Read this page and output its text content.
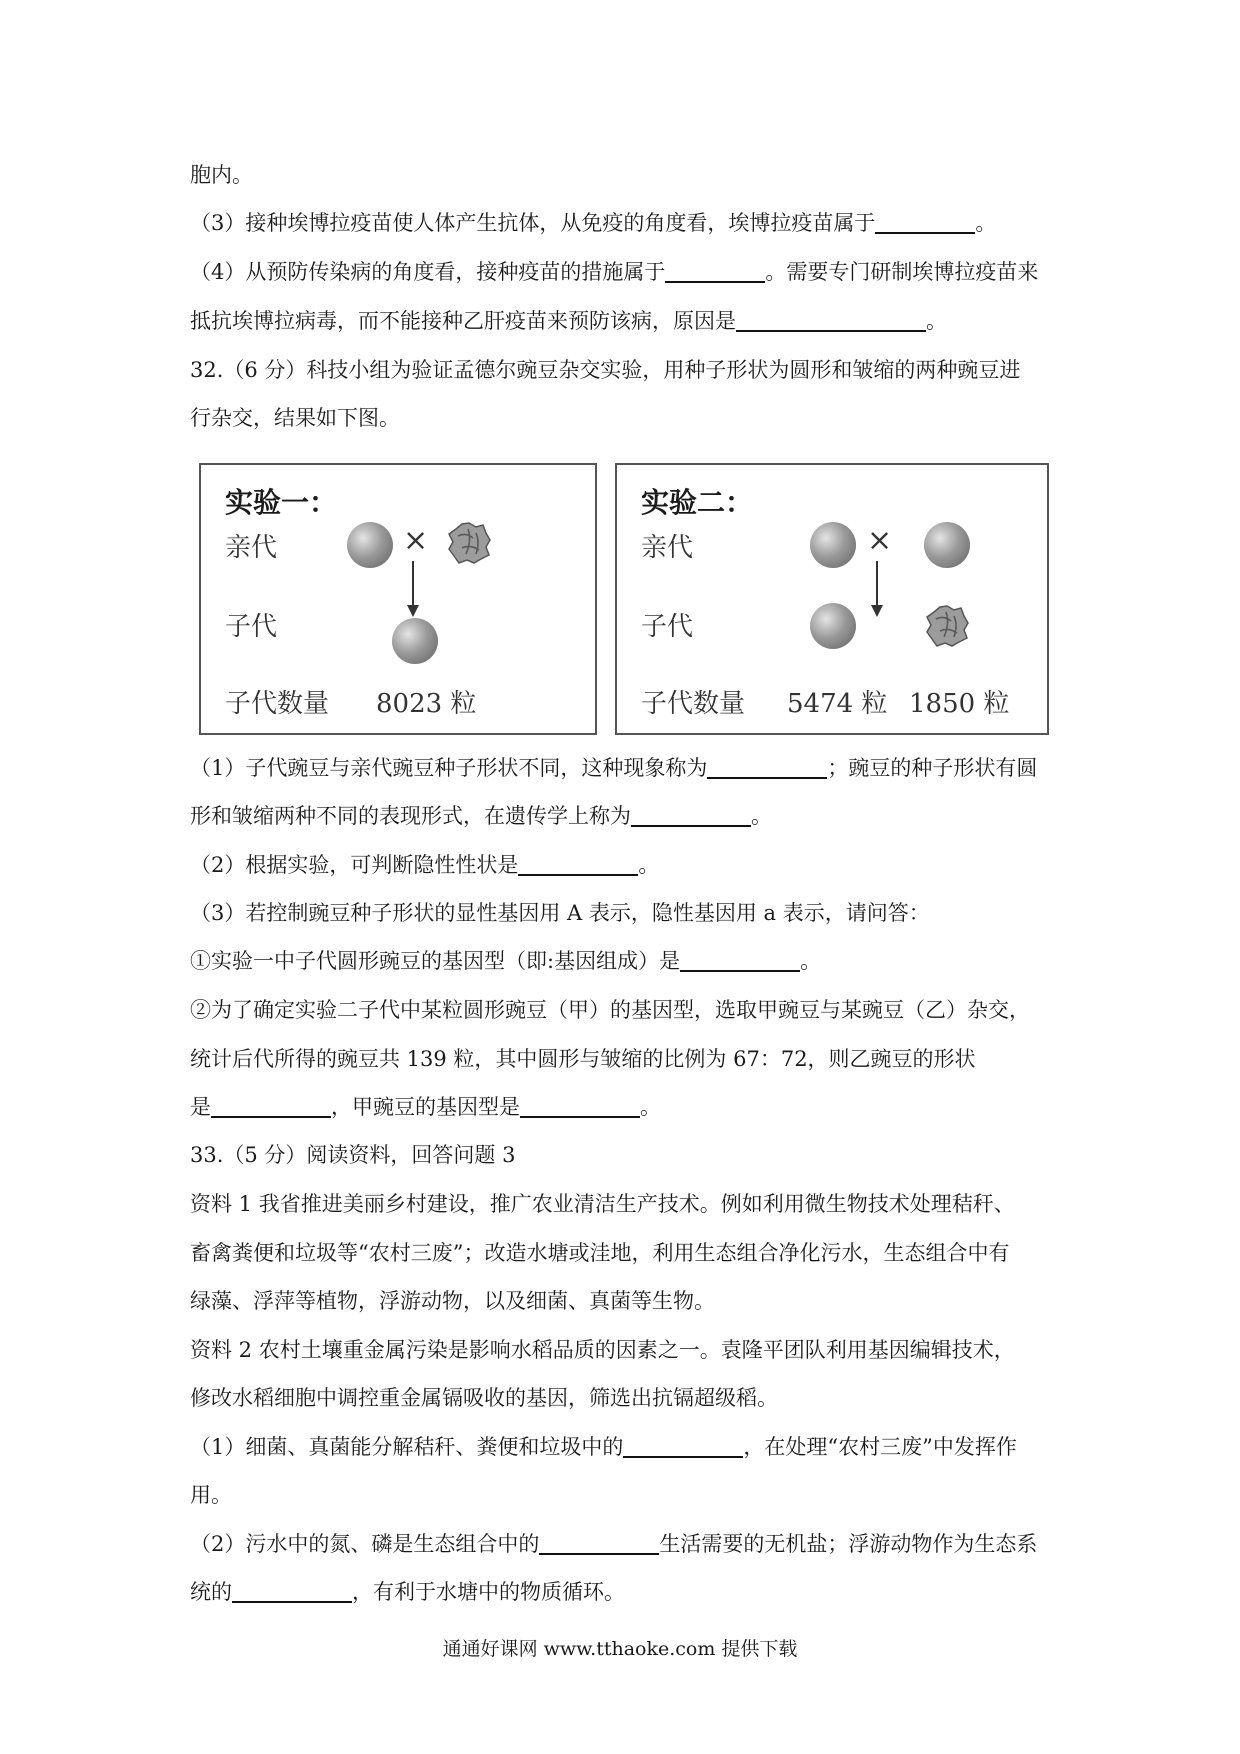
胞内。
（3）接种埃博拉疫苗使人体产生抗体，从免疫的角度看，埃博拉疫苗属于	。
（4）从预防传染病的角度看，接种疫苗的措施属于	。需要专门研制埃博拉疫苗来
抵抗埃博拉病毒，而不能接种乙肝疫苗来预防该病，原因是	。
32.（6 分）科技小组为验证孟德尔豌豆杂交实验，用种子形状为圆形和皱缩的两种豌豆进
行杂交，结果如下图。
实验一：
亲代	×
子代
子代数量 8023 粒
实验二：
亲代	×
子代
子代数量 5474 粒 1850 粒
（1）子代豌豆与亲代豌豆种子形状不同，这种现象称为	；豌豆的种子形状有圆
形和皱缩两种不同的表现形式，在遗传学上称为	。
（2）根据实验，可判断隐性性状是	。
（3）若控制豌豆种子形状的显性基因用 A 表示，隐性基因用 a 表示，请问答：
①实验一中子代圆形豌豆的基因型（即:基因组成）是	。
②为了确定实验二子代中某粒圆形豌豆（甲）的基因型，选取甲豌豆与某豌豆（乙）杂交，
统计后代所得的豌豆共 139 粒，其中圆形与皱缩的比例为 67：72，则乙豌豆的形状
是	，甲豌豆的基因型是	。
33.（5 分）阅读资料，回答问题 3
资料 1 我省推进美丽乡村建设，推广农业清洁生产技术。例如利用微生物技术处理秸秆、
畜禽粪便和垃圾等“农村三废”；改造水塘或洼地，利用生态组合净化污水，生态组合中有
绿藻、浮萍等植物，浮游动物，以及细菌、真菌等生物。
资料 2 农村土壤重金属污染是影响水稻品质的因素之一。袁隆平团队利用基因编辑技术，
修改水稻细胞中调控重金属镉吸收的基因，筛选出抗镉超级稻。
（1）细菌、真菌能分解秸秆、粪便和垃圾中的	，在处理“农村三废”中发挥作
用。
（2）污水中的氮、磷是生态组合中的	生活需要的无机盐；浮游动物作为生态系
统的	，有利于水塘中的物质循环。
通通好课网 www.tthaoke.com 提供下载
